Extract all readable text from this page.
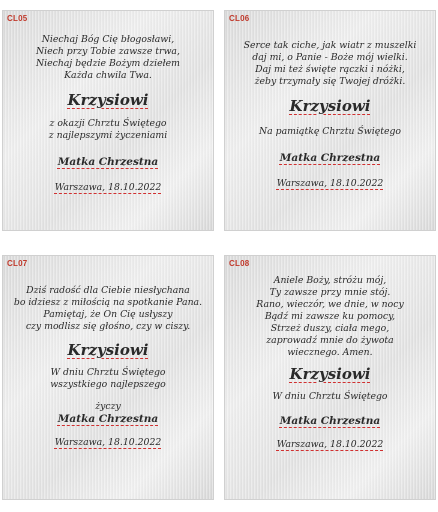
CL05
Niechaj Bóg Cię błogosławi,
Niech przy Tobie zawsze trwa,
Niechaj będzie Bożym dziełem
Każda chwila Twa.
Krzysiowi
z okazji Chrztu Świętego
z najlepszymi życzeniami
Matka Chrzestna
Warszawa, 18.10.2022
CL06
Serce tak ciche, jak wiatr z muszelki
daj mi, o Panie - Boże mój wielki.
Daj mi też święte rączki i nóżki,
żeby trzymały się Twojej dróżki.
Krzysiowi
Na pamiątkę Chrztu Świętego
Matka Chrzestna
Warszawa, 18.10.2022
CL07
Dziś radość dla Ciebie niesłychana
bo idziesz z miłością na spotkanie Pana.
Pamiętaj, że On Cię usłyszy
czy modlisz się głośno, czy w ciszy.
Krzysiowi
W dniu Chrztu Świętego
wszystkiego najlepszego
życzy
Matka Chrzestna
Warszawa, 18.10.2022
CL08
Aniele Boży, stróżu mój,
Ty zawsze przy mnie stój.
Rano, wieczór, we dnie, w nocy
Bądź mi zawsze ku pomocy,
Strzeż duszy, ciała mego,
zaprowadź mnie do żywota
wiecznego. Amen.
Krzysiowi
W dniu Chrztu Świętego
Matka Chrzestna
Warszawa, 18.10.2022
